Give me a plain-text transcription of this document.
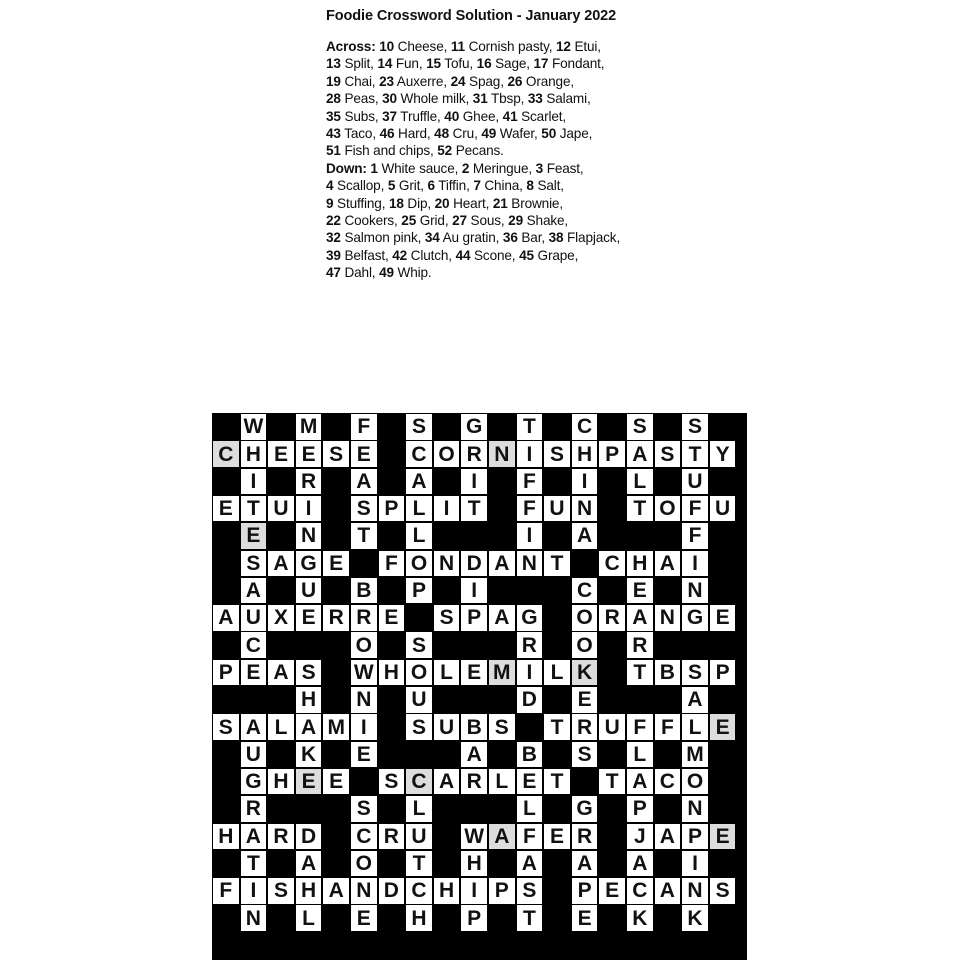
Foodie Crossword Solution - January 2022
Across: 10 Cheese, 11 Cornish pasty, 12 Etui,
13 Split, 14 Fun, 15 Tofu, 16 Sage, 17 Fondant,
19 Chai, 23 Auxerre, 24 Spag, 26 Orange,
28 Peas, 30 Whole milk, 31 Tbsp, 33 Salami,
35 Subs, 37 Truffle, 40 Ghee, 41 Scarlet,
43 Taco, 46 Hard, 48 Cru, 49 Wafer, 50 Jape,
51 Fish and chips, 52 Pecans.
Down: 1 White sauce, 2 Meringue, 3 Feast,
4 Scallop, 5 Grit, 6 Tiffin, 7 China, 8 Salt,
9 Stuffing, 18 Dip, 20 Heart, 21 Brownie,
22 Cookers, 25 Grid, 27 Sous, 29 Shake,
32 Salmon pink, 34 Au gratin, 36 Bar, 38 Flapjack,
39 Belfast, 42 Clutch, 44 Scone, 45 Grape,
47 Dahl, 49 Whip.
W M	F	S G	T	C S S
C H E E S E C O R N I S H P A S T Y
I	R A A	I	F	I	L	U
E T U I	S P L I T	F U N	T O F U
E N	T	L	I	A	F
S A G E	F O N D A N T	C H A I
A U B P	I	C E N
A U X E R R E S P A G O R A N G E
C	O S	R O R
P E A S W H O L E M I L K	T B S P
H N U	D E	A
S A L A M I	S U B S	T R U F F L E
U K E	A B S	L	M
G H E E S C A R L E T	T A C O
R	S	L	L	G P N
H A R D C R U W A F E R	J A P E
T	A O	T	H A A A	I
F I S H A N D C H I P S P E C A N S
N	L	E H P	T	E K K
